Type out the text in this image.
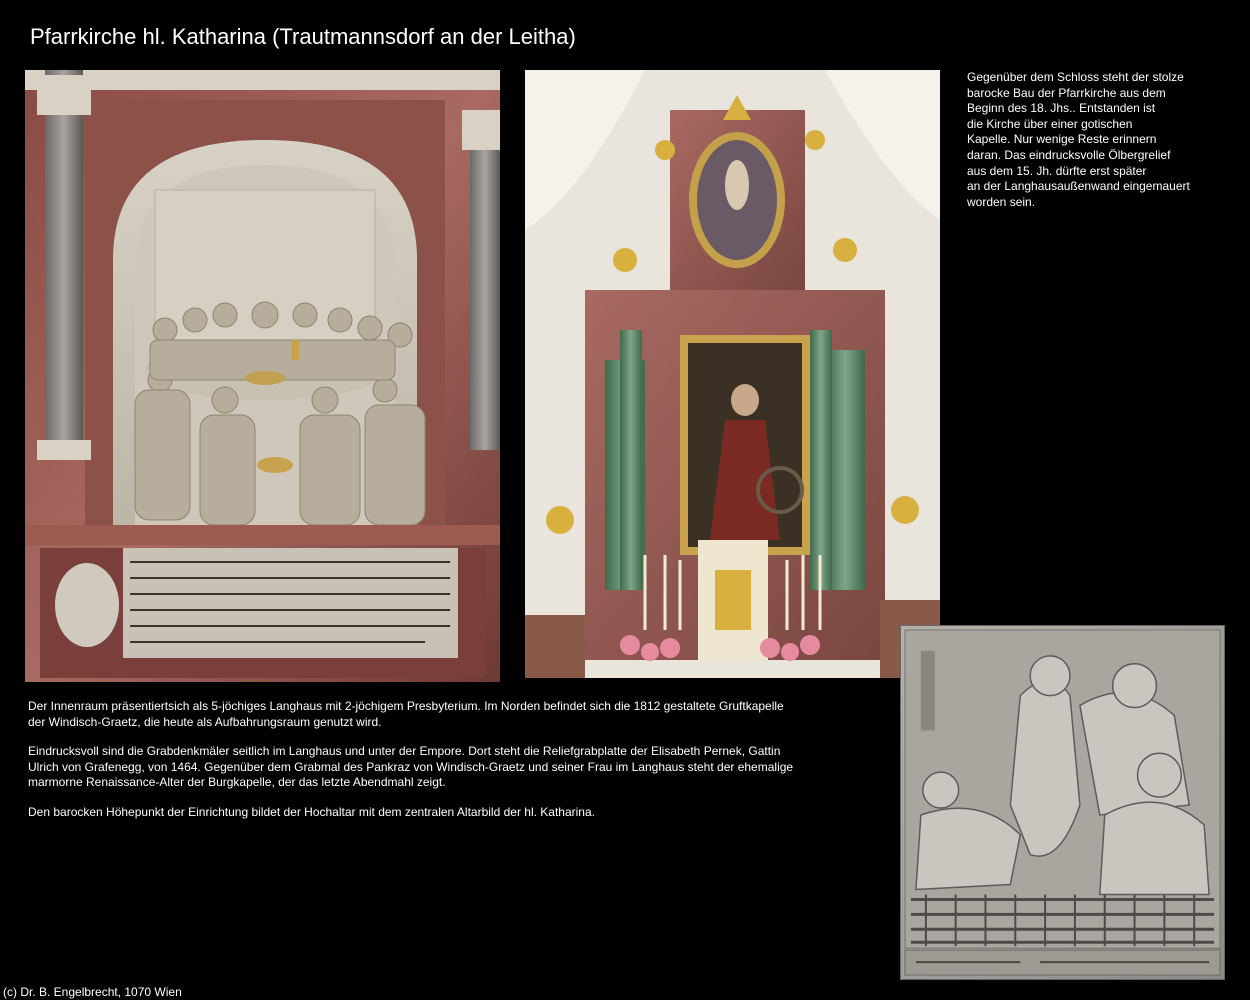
Pfarrkirche hl. Katharina (Trautmannsdorf an der Leitha)
Gegenüber dem Schloss steht der stolze
barocke Bau der Pfarrkirche aus dem
Beginn des 18. Jhs.. Entstanden ist
die Kirche über einer gotischen
Kapelle. Nur wenige Reste erinnern
daran. Das eindrucksvolle Ölbergrelief
aus dem 15. Jh. dürfte erst später
an der Langhausaußenwand eingemauert
worden sein.

Der Innenraum präsentiertsich als 5-jöchiges Langhaus mit 2-jöchigem Presbyterium. Im Norden befindet sich die 1812 gestaltete Gruftkapelle
der Windisch-Graetz, die heute als Aufbahrungsraum genutzt wird.

Eindrucksvoll sind die Grabdenkmäler seitlich im Langhaus und unter der Empore. Dort steht die Reliefgrabplatte der Elisabeth Pernek, Gattin
Ulrich von Grafenegg, von 1464. Gegenüber dem Grabmal des Pankraz von Windisch-Graetz und seiner Frau im Langhaus steht der ehemalige
marmorne Renaissance-Alter der Burgkapelle, der das letzte Abendmahl zeigt.

Den barocken Höhepunkt der Einrichtung bildet der Hochaltar mit dem zentralen Altarbild der hl. Katharina.

(c) Dr. B. Engelbrecht, 1070 Wien
